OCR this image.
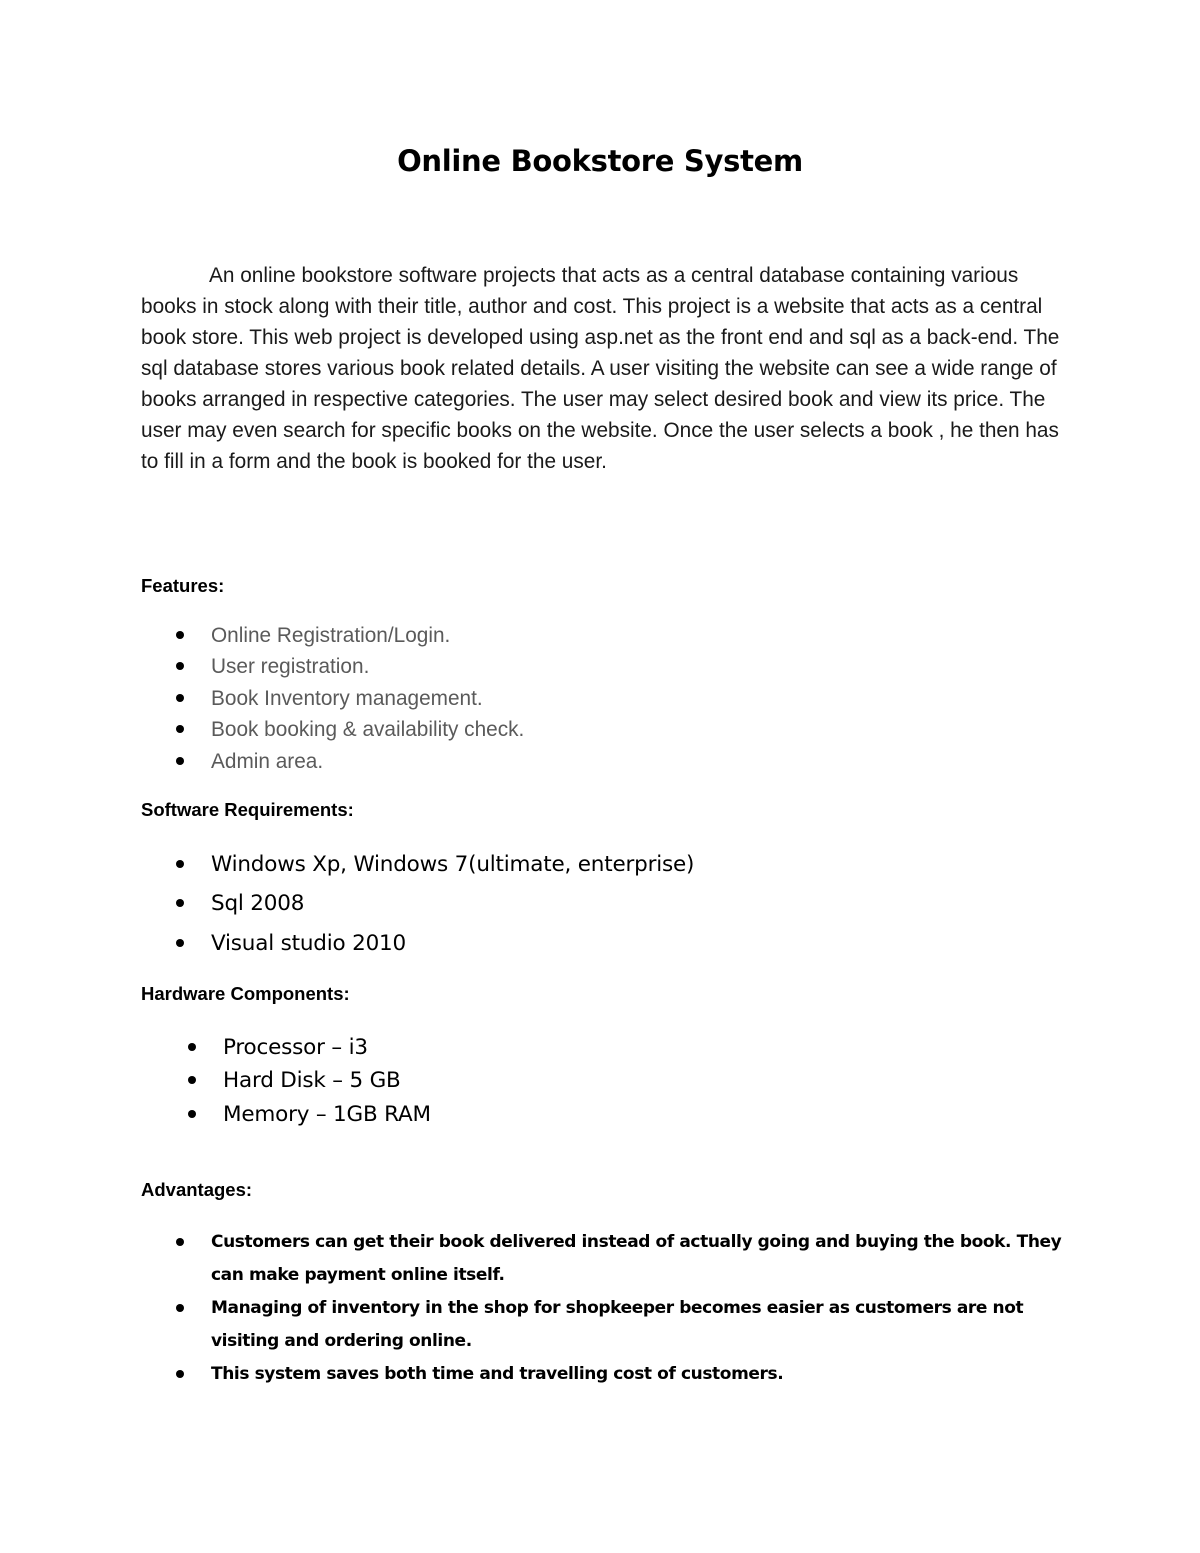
Online Bookstore System

An online bookstore software projects that acts as a central database containing various books in stock along with their title, author and cost. This project is a website that acts as a central book store. This web project is developed using asp.net as the front end and sql as a back-end. The sql database stores various book related details. A user visiting the website can see a wide range of books arranged in respective categories. The user may select desired book and view its price. The user may even search for specific books on the website. Once the user selects a book , he then has to fill in a form and the book is booked for the user.

Features:
Online Registration/Login.
User registration.
Book Inventory management.
Book booking & availability check.
Admin area.
Software Requirements:
Windows Xp, Windows 7(ultimate, enterprise)
Sql 2008
Visual studio 2010
Hardware Components:
Processor – i3
Hard Disk – 5 GB
Memory – 1GB RAM
Advantages:
Customers can get their book delivered instead of actually going and buying the book. They can make payment online itself.
Managing of inventory in the shop for shopkeeper becomes easier as customers are not visiting and ordering online.
This system saves both time and travelling cost of customers.
